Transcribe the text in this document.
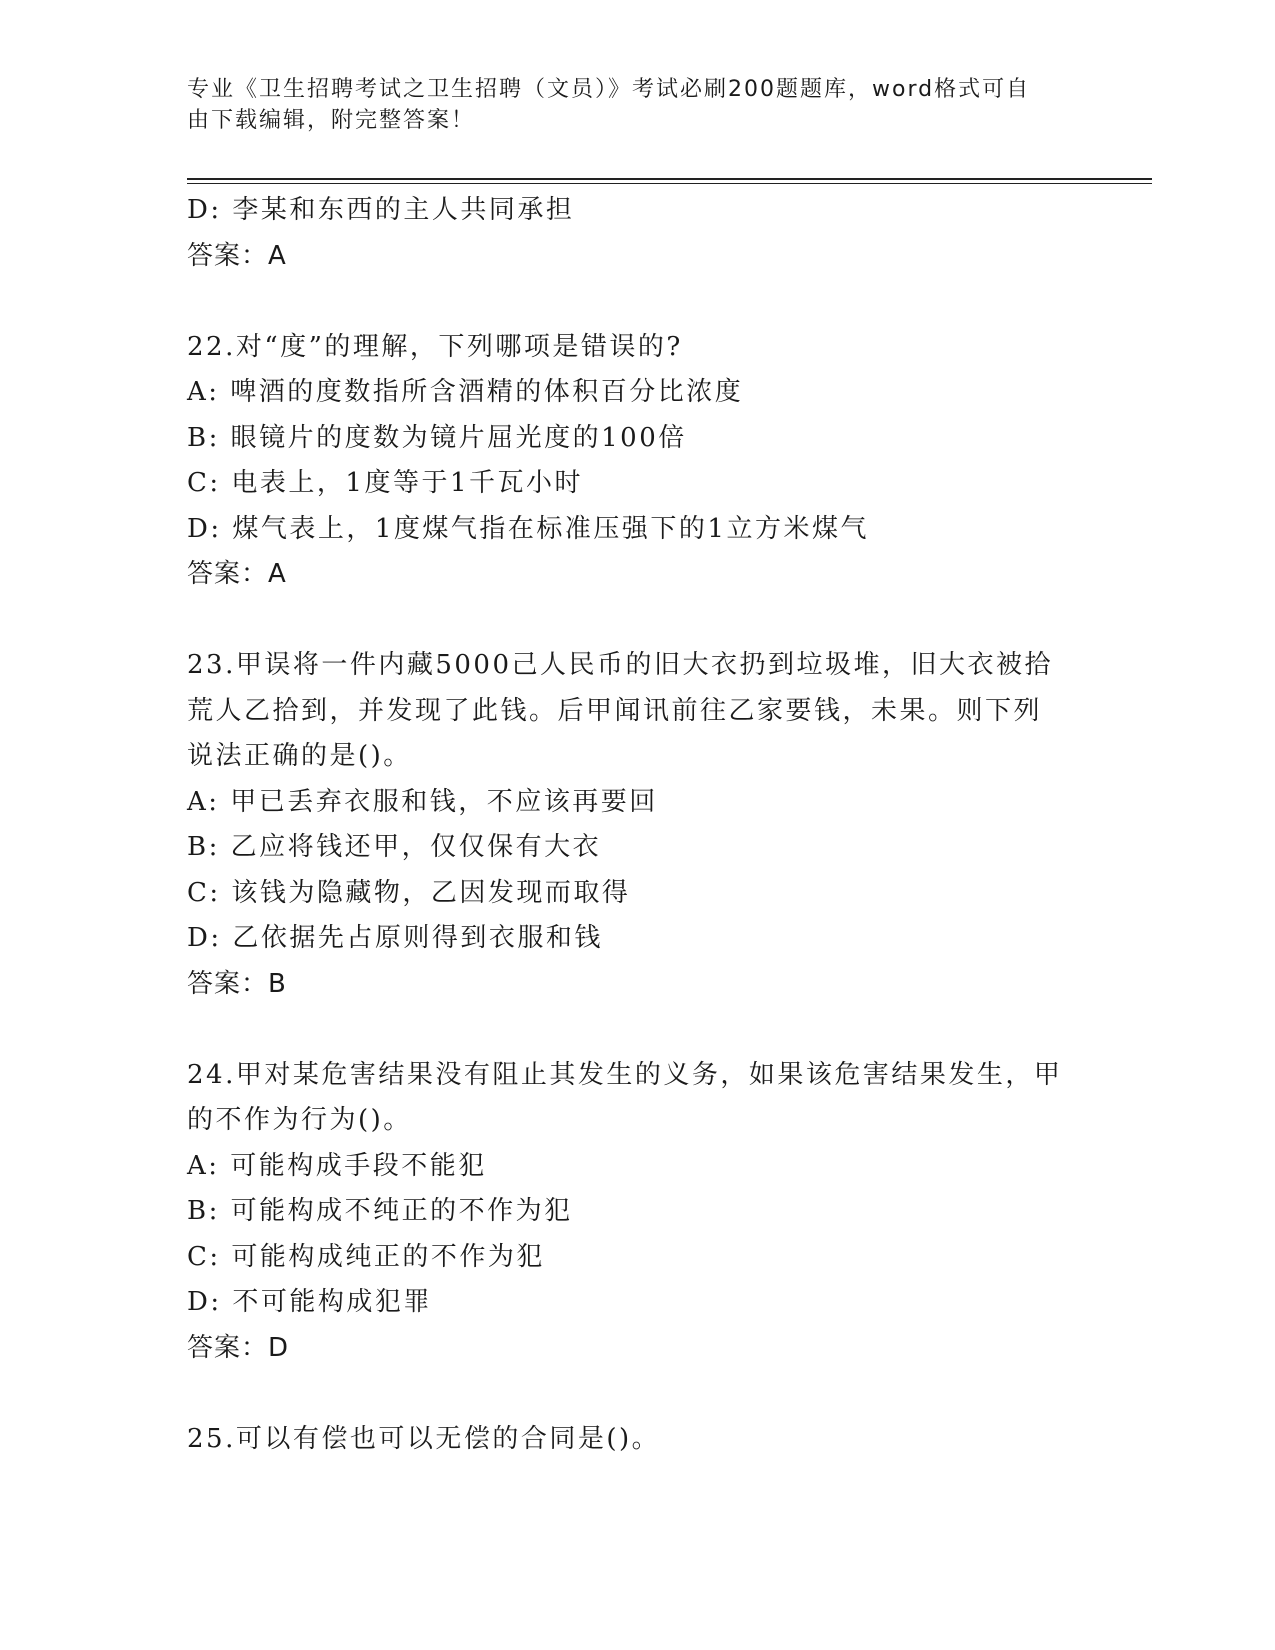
专业《卫生招聘考试之卫生招聘（文员）》考试必刷200题题库，word格式可自
由下载编辑，附完整答案！
D: 李某和东西的主人共同承担
答案：A
22.对“度”的理解，下列哪项是错误的?
A: 啤酒的度数指所含酒精的体积百分比浓度
B: 眼镜片的度数为镜片屈光度的100倍
C: 电表上，1度等于1千瓦小时
D: 煤气表上，1度煤气指在标准压强下的1立方米煤气
答案：A
23.甲误将一件内藏5000己人民币的旧大衣扔到垃圾堆，旧大衣被拾
荒人乙拾到，并发现了此钱。后甲闻讯前往乙家要钱，未果。则下列
说法正确的是()。
A: 甲已丢弃衣服和钱，不应该再要回
B: 乙应将钱还甲，仅仅保有大衣
C: 该钱为隐藏物，乙因发现而取得
D: 乙依据先占原则得到衣服和钱
答案：B
24.甲对某危害结果没有阻止其发生的义务，如果该危害结果发生，甲
的不作为行为()。
A: 可能构成手段不能犯
B: 可能构成不纯正的不作为犯
C: 可能构成纯正的不作为犯
D: 不可能构成犯罪
答案：D
25.可以有偿也可以无偿的合同是()。
